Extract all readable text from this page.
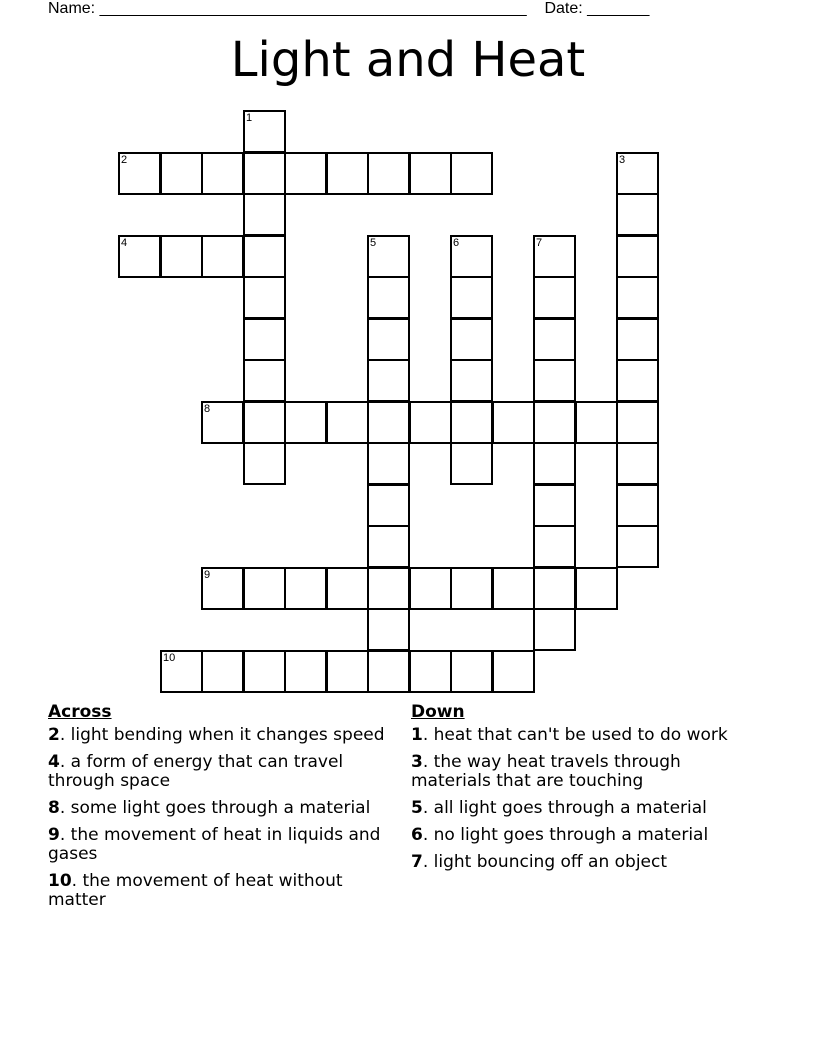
Name: ________________________________________________    Date: _______
Light and Heat
1
2	3
4	5	6	7
8
9
10
Across
2. light bending when it changes speed
4. a form of energy that can travel through space
8. some light goes through a material
9. the movement of heat in liquids and gases
10. the movement of heat without matter
Down
1. heat that can't be used to do work
3. the way heat travels through materials that are touching
5. all light goes through a material
6. no light goes through a material
7. light bouncing off an object
